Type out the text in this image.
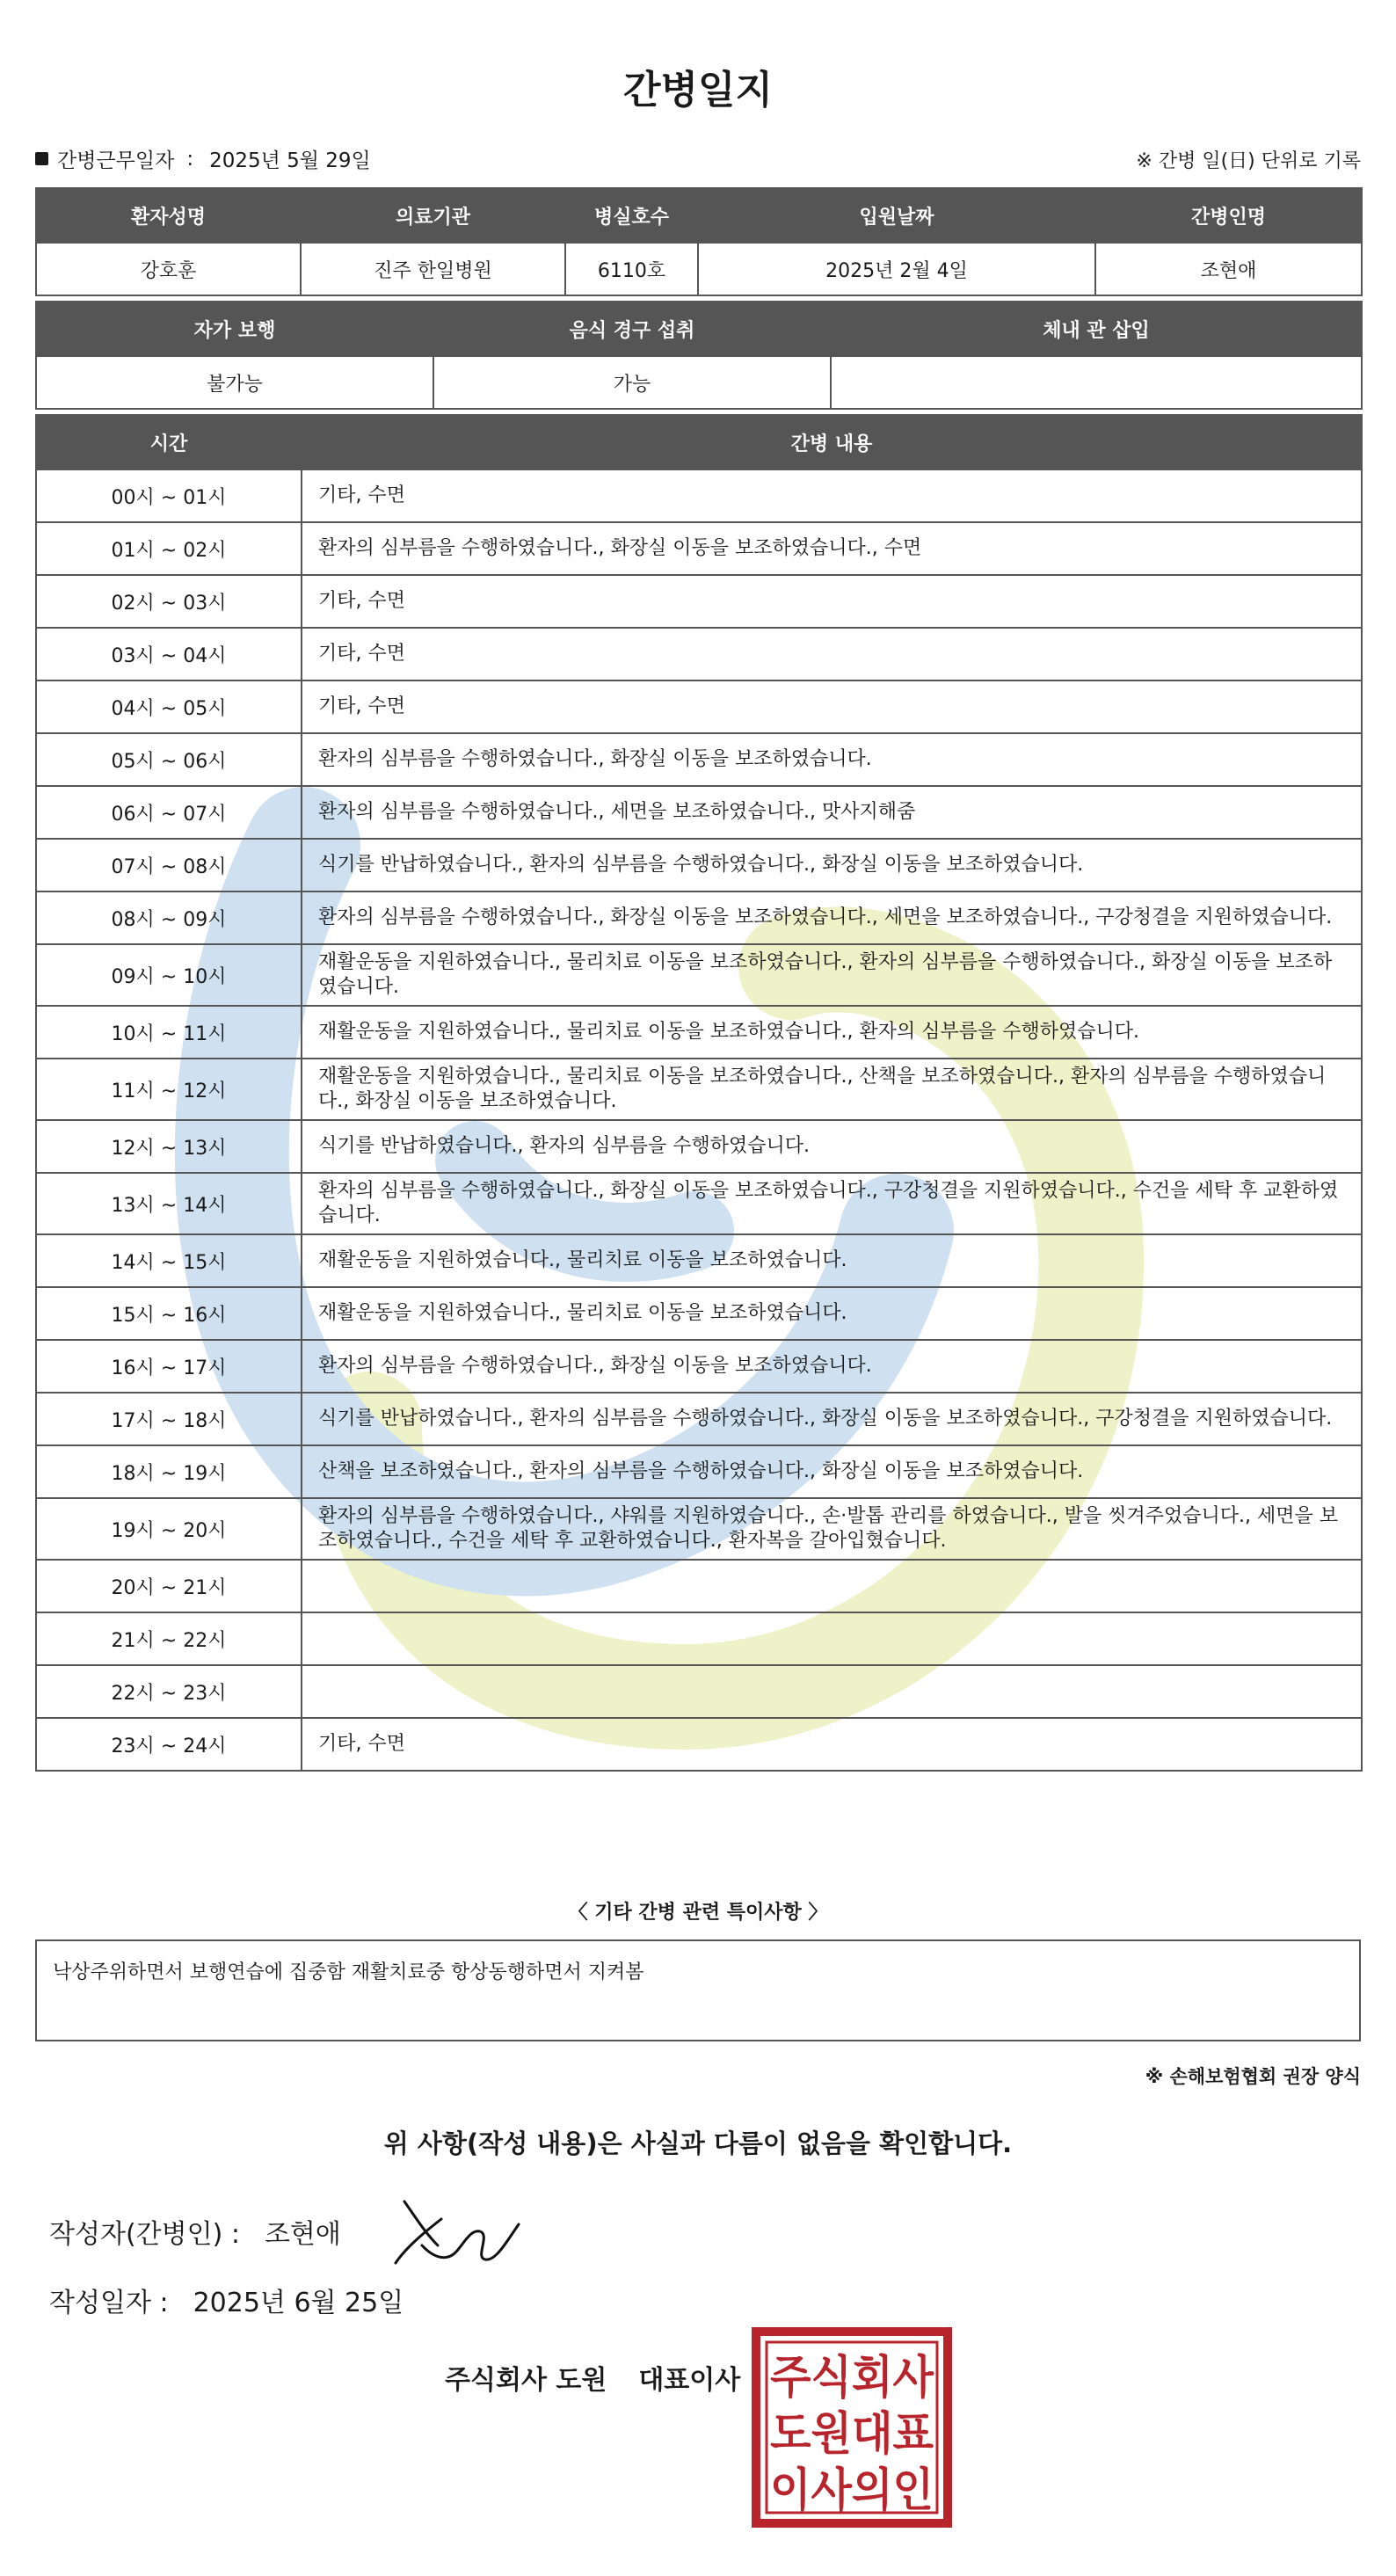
간병일지
간병근무일자 : 2025년 5월 29일	※ 간병 일(日) 단위로 기록
환자성명	의료기관	병실호수	입원날짜	간병인명
강호훈	진주 한일병원	6110호	2025년 2월 4일	조현애
자가 보행	음식 경구 섭취	체내 관 삽입
불가능	가능	
시간	간병 내용
00시 ~ 01시	기타, 수면
01시 ~ 02시	환자의 심부름을 수행하였습니다., 화장실 이동을 보조하였습니다., 수면
02시 ~ 03시	기타, 수면
03시 ~ 04시	기타, 수면
04시 ~ 05시	기타, 수면
05시 ~ 06시	환자의 심부름을 수행하였습니다., 화장실 이동을 보조하였습니다.
06시 ~ 07시	환자의 심부름을 수행하였습니다., 세면을 보조하였습니다., 맛사지해줌
07시 ~ 08시	식기를 반납하였습니다., 환자의 심부름을 수행하였습니다., 화장실 이동을 보조하였습니다.
08시 ~ 09시	환자의 심부름을 수행하였습니다., 화장실 이동을 보조하였습니다., 세면을 보조하였습니다., 구강청결을 지원하였습니다.
09시 ~ 10시	재활운동을 지원하였습니다., 물리치료 이동을 보조하였습니다., 환자의 심부름을 수행하였습니다., 화장실 이동을 보조하였습니다.
10시 ~ 11시	재활운동을 지원하였습니다., 물리치료 이동을 보조하였습니다., 환자의 심부름을 수행하였습니다.
11시 ~ 12시	재활운동을 지원하였습니다., 물리치료 이동을 보조하였습니다., 산책을 보조하였습니다., 환자의 심부름을 수행하였습니다., 화장실 이동을 보조하였습니다.
12시 ~ 13시	식기를 반납하였습니다., 환자의 심부름을 수행하였습니다.
13시 ~ 14시	환자의 심부름을 수행하였습니다., 화장실 이동을 보조하였습니다., 구강청결을 지원하였습니다., 수건을 세탁 후 교환하였습니다.
14시 ~ 15시	재활운동을 지원하였습니다., 물리치료 이동을 보조하였습니다.
15시 ~ 16시	재활운동을 지원하였습니다., 물리치료 이동을 보조하였습니다.
16시 ~ 17시	환자의 심부름을 수행하였습니다., 화장실 이동을 보조하였습니다.
17시 ~ 18시	식기를 반납하였습니다., 환자의 심부름을 수행하였습니다., 화장실 이동을 보조하였습니다., 구강청결을 지원하였습니다.
18시 ~ 19시	산책을 보조하였습니다., 환자의 심부름을 수행하였습니다., 화장실 이동을 보조하였습니다.
19시 ~ 20시	환자의 심부름을 수행하였습니다., 샤워를 지원하였습니다., 손·발톱 관리를 하였습니다., 발을 씻겨주었습니다., 세면을 보조하였습니다., 수건을 세탁 후 교환하였습니다., 환자복을 갈아입혔습니다.
20시 ~ 21시	
21시 ~ 22시	
22시 ~ 23시	
23시 ~ 24시	기타, 수면
〈 기타 간병 관련 특이사항 〉
낙상주위하면서 보행연습에 집중함 재활치료중 항상동행하면서 지켜봄
※ 손해보험협회 권장 양식
위 사항(작성 내용)은 사실과 다름이 없음을 확인합니다.
작성자(간병인) : 조현애
작성일자 : 2025년 6월 25일
주식회사 도원 대표이사 주식회사
도원대표
이사의인
